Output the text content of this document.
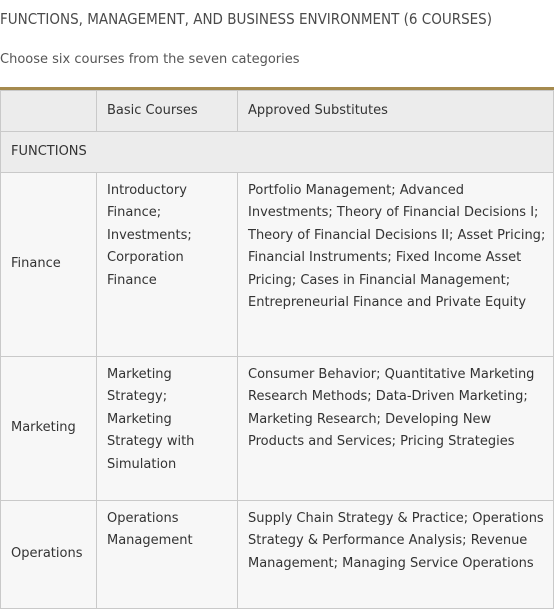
FUNCTIONS, MANAGEMENT, AND BUSINESS ENVIRONMENT (6 COURSES)
Choose six courses from the seven categories

	Basic Courses	Approved Substitutes

FUNCTIONS		

Finance	Introductory Finance; Investments; Corporation Finance	Portfolio Management; Advanced Investments; Theory of Financial Decisions I; Theory of Financial Decisions II; Asset Pricing; Financial Instruments; Fixed Income Asset Pricing; Cases in Financial Management; Entrepreneurial Finance and Private Equity
Marketing	Marketing Strategy; Marketing Strategy with Simulation	Consumer Behavior; Quantitative Marketing Research Methods; Data-Driven Marketing; Marketing Research; Developing New Products and Services; Pricing Strategies
Operations	Operations Management	Supply Chain Strategy & Practice; Operations Strategy & Performance Analysis; Revenue Management; Managing Service Operations
